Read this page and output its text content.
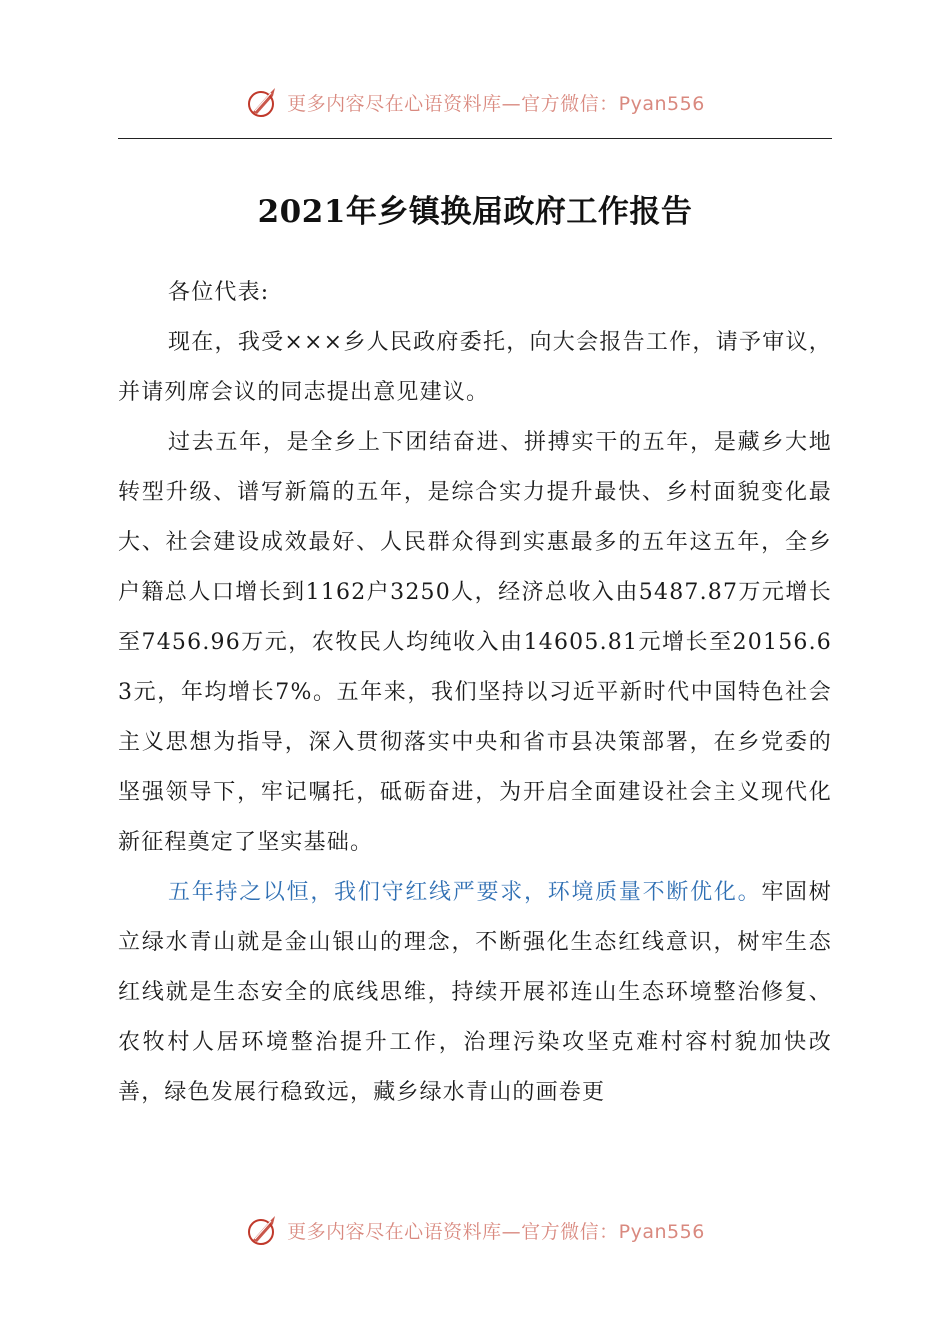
更多内容尽在心语资料库—官方微信：Pyan556
2021年乡镇换届政府工作报告

各位代表:

现在，我受×××乡人民政府委托，向大会报告工作，请予审议，并请列席会议的同志提出意见建议。

过去五年，是全乡上下团结奋进、拼搏实干的五年，是藏乡大地转型升级、谱写新篇的五年，是综合实力提升最快、乡村面貌变化最大、社会建设成效最好、人民群众得到实惠最多的五年这五年，全乡户籍总人口增长到1162户3250人，经济总收入由5487.87万元增长至7456.96万元，农牧民人均纯收入由14605.81元增长至20156.63元，年均增长7%。五年来，我们坚持以习近平新时代中国特色社会主义思想为指导，深入贯彻落实中央和省市县决策部署，在乡党委的坚强领导下，牢记嘱托，砥砺奋进，为开启全面建设社会主义现代化新征程奠定了坚实基础。

五年持之以恒，我们守红线严要求，环境质量不断优化。牢固树立绿水青山就是金山银山的理念，不断强化生态红线意识，树牢生态红线就是生态安全的底线思维，持续开展祁连山生态环境整治修复、农牧村人居环境整治提升工作，治理污染攻坚克难村容村貌加快改善，绿色发展行稳致远，藏乡绿水青山的画卷更

更多内容尽在心语资料库—官方微信：Pyan556
